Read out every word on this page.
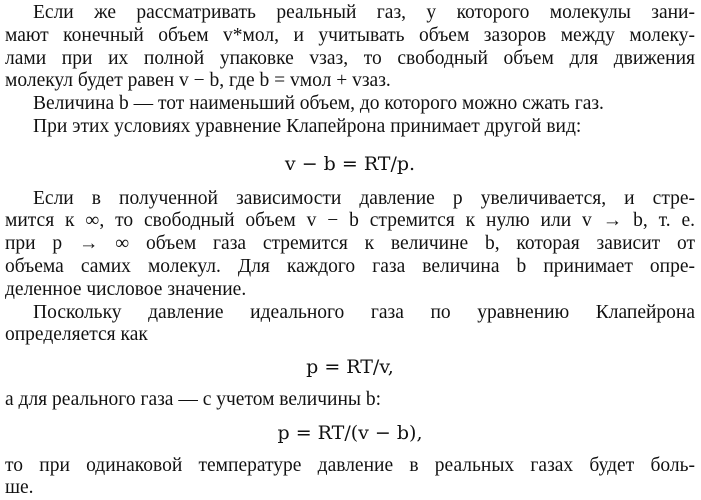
Если же рассматривать реальный газ, у которого молекулы зани-
мают конечный объем v*мол, и учитывать объем зазоров между молеку-
лами при их полной упаковке vзаз, то свободный объем для движения
молекул будет равен v − b, где b = vмол + vзаз.
Величина b — тот наименьший объем, до которого можно сжать газ.
При этих условиях уравнение Клапейрона принимает другой вид:
v − b = RT/p.
Если в полученной зависимости давление p увеличивается, и стре-
мится к ∞, то свободный объем v − b стремится к нулю или v → b, т. е.
при p → ∞ объем газа стремится к величине b, которая зависит от
объема самих молекул. Для каждого газа величина b принимает опре-
деленное числовое значение.
Поскольку давление идеального газа по уравнению Клапейрона
определяется как
p = RT/v,
а для реального газа — с учетом величины b:
p = RT/(v − b),
то при одинаковой температуре давление в реальных газах будет боль-
ше.
